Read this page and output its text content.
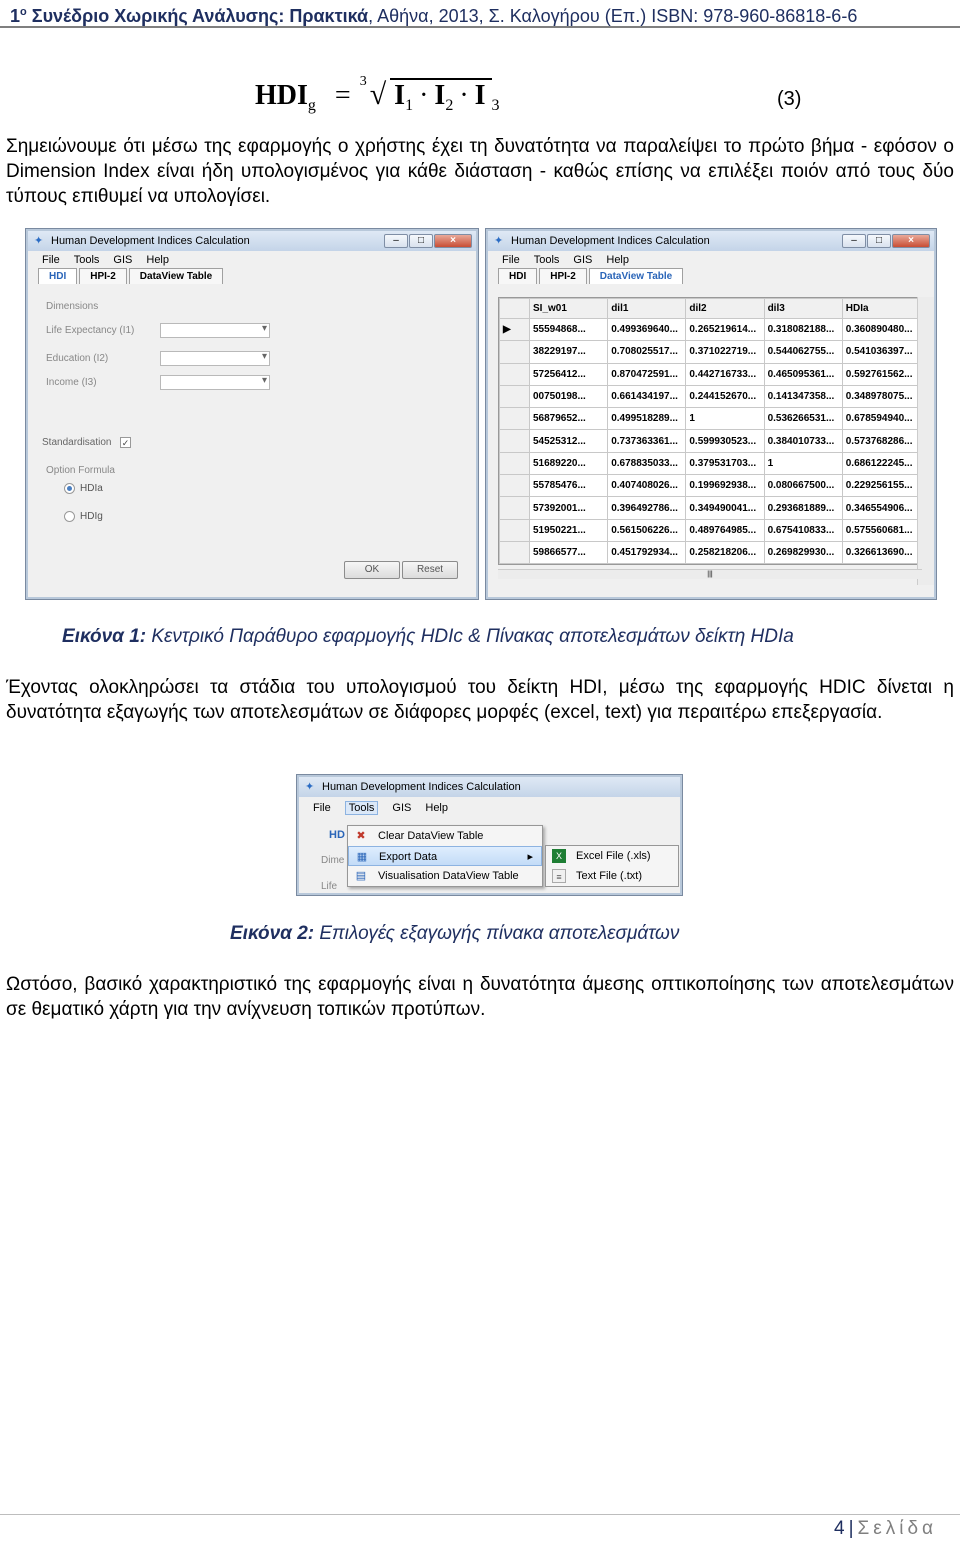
$1^o$ Συνέδριο Χωρικής Ανάλυσης: Πρακτικά, Αθήνα, 2013, Σ. Καλογήρου (Επ.) ISBN: 978-960-86818-6-6
$HDI_g = 3$ √ $I_1 \cdot I_2 \cdot I$ $_3$	(3)
Σημειώνουμε ότι μέσω της εφαρμογής ο χρήστης έχει τη δυνατότητα να παραλείψει το πρώτο βήμα - εφόσον ο Dimension Index είναι ήδη υπολογισμένος για κάθε διάσταση - καθώς επίσης να επιλέξει ποιόν από τους δύο τύπους επιθυμεί να υπολογίσει.
✦ Human Development Indices Calculation	–	□	×
File Tools GIS Help
HDI	HPI-2	DataView Table
Dimensions
Life Expectancy (I1)
▾
Education (I2)
▾
Income (I3)
▾
Standardisation ✓
Option Formula
HDIa
HDIg
OK	Reset
✦ Human Development Indices Calculation	–	□	×
File Tools GIS Help
HDI	HPI-2	DataView Table
	SI_w01	dil1	dil2	dil3	HDIa
▶	55594868...	0.499369640...	0.265219614...	0.318082188...	0.360890480...
	38229197...	0.708025517...	0.371022719...	0.544062755...	0.541036397...
	57256412...	0.870472591...	0.442716733...	0.465095361...	0.592761562...
	00750198...	0.661434197...	0.244152670...	0.141347358...	0.348978075...
	56879652...	0.499518289...	1	0.536266531...	0.678594940...
	54525312...	0.737363361...	0.599930523...	0.384010733...	0.573768286...
	51689220...	0.678835033...	0.379531703...	1	0.686122245...
	55785476...	0.407408026...	0.199692938...	0.080667500...	0.229256155...
	57392001...	0.396492786...	0.349490041...	0.293681889...	0.346554906...
	51950221...	0.561506226...	0.489764985...	0.675410833...	0.575560681...
	59866577...	0.451792934...	0.258218206...	0.269829930...	0.326613690...
|||
Εικόνα 1: Κεντρικό Παράθυρο εφαρμογής HDIc & Πίνακας αποτελεσμάτων δείκτη HDIa
Έχοντας ολοκληρώσει τα στάδια του υπολογισμού του δείκτη HDI, μέσω της εφαρμογής HDIC δίνεται η δυνατότητα εξαγωγής των αποτελεσμάτων σε διάφορες μορφές (excel, text) για περαιτέρω επεξεργασία.
✦ Human Development Indices Calculation
File	Tools	GIS Help
HD
Dime
Life
✖ Clear DataView Table
▦ Export Data	▸
▤ Visualisation DataView Table
X	Excel File (.xls)
≡	Text File (.txt)
Εικόνα 2: Επιλογές εξαγωγής πίνακα αποτελεσμάτων
Ωστόσο, βασικό χαρακτηριστικό της εφαρμογής είναι η δυνατότητα άμεσης οπτικοποίησης των αποτελεσμάτων σε θεματικό χάρτη για την ανίχνευση τοπικών προτύπων.
4 | Σελίδα
